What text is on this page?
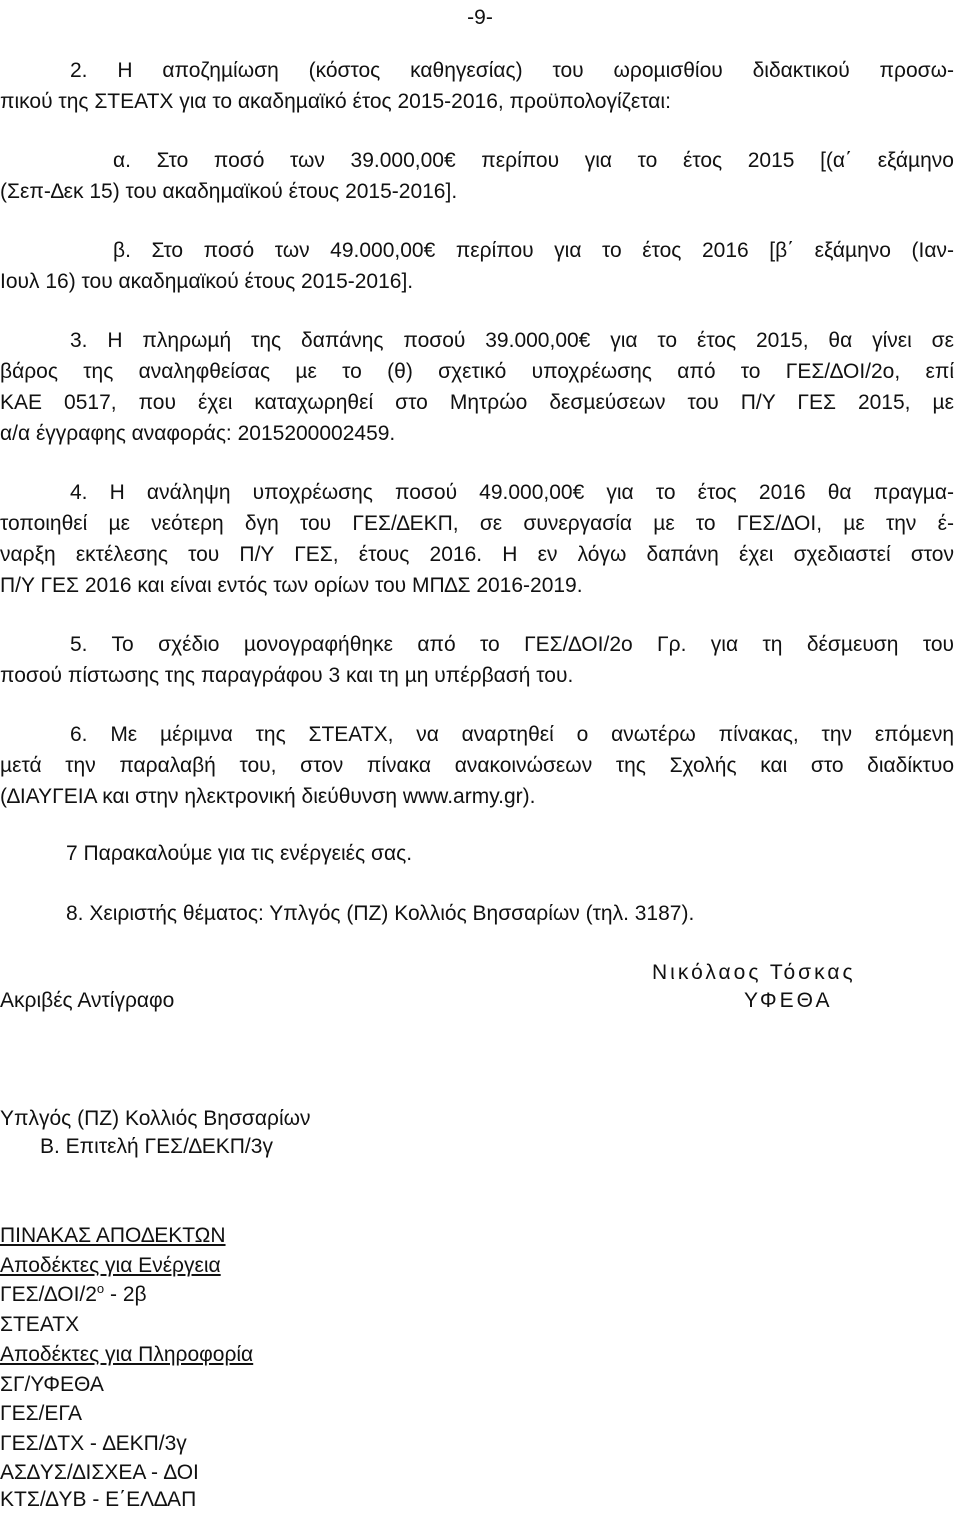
-9-
2. Η αποζηµίωση (κόστος καθηγεσίας) του ωροµισθίου διδακτικού προσω-
πικού της ΣΤΕΑΤΧ για το ακαδηµαϊκό έτος 2015-2016, προϋπολογίζεται:
α. Στο ποσό των 39.000,00€ περίπου για το έτος 2015 [(α΄ εξάµηνο
(Σεπ-∆εκ 15) του ακαδηµαϊκού έτους 2015-2016].
β. Στο ποσό των 49.000,00€ περίπου για το έτος 2016 [β΄ εξάµηνο (Ιαν-
Ιουλ 16) του ακαδηµαϊκού έτους 2015-2016].
3. Η πληρωµή της δαπάνης ποσού 39.000,00€ για το έτος 2015, θα γίνει σε
βάρος της αναληφθείσας µε το (θ) σχετικό υποχρέωσης από το ΓΕΣ/∆ΟΙ/2ο, επί
ΚΑΕ 0517, που έχει καταχωρηθεί στο Μητρώο δεσµεύσεων του Π/Υ ΓΕΣ 2015, µε
α/α έγγραφης αναφοράς: 2015200002459.
4. Η ανάληψη υποχρέωσης ποσού 49.000,00€ για το έτος 2016 θα πραγµα-
τοποιηθεί µε νεότερη δγη του ΓΕΣ/∆ΕΚΠ, σε συνεργασία µε το ΓΕΣ/∆ΟΙ, µε την έ-
ναρξη εκτέλεσης του Π/Υ ΓΕΣ, έτους 2016. Η εν λόγω δαπάνη έχει σχεδιαστεί στον
Π/Υ ΓΕΣ 2016 και είναι εντός των ορίων του ΜΠ∆Σ 2016-2019.
5. Το σχέδιο µονογραφήθηκε από το ΓΕΣ/∆ΟΙ/2ο Γρ. για τη δέσµευση του
ποσού πίστωσης της παραγράφου 3 και τη µη υπέρβασή του.
6. Με µέριµνα της ΣΤΕΑΤΧ, να αναρτηθεί ο ανωτέρω πίνακας, την επόµενη
µετά την παραλαβή του, στον πίνακα ανακοινώσεων της Σχολής και στο διαδίκτυο
(∆ΙΑΥΓΕΙΑ και στην ηλεκτρονική διεύθυνση www.army.gr).
7 Παρακαλούµε για τις ενέργειές σας.
8. Χειριστής θέµατος: Υπλγός (ΠΖ) Κολλιός Βησσαρίων (τηλ. 3187).
Νικόλαος Τόσκας
ΥΦΕΘΑ
Ακριβές Αντίγραφο
Υπλγός (ΠΖ) Κολλιός Βησσαρίων
Β. Επιτελή ΓΕΣ/∆ΕΚΠ/3γ
ΠΙΝΑΚΑΣ ΑΠΟ∆ΕΚΤΩΝ
Αποδέκτες για Ενέργεια
ΓΕΣ/$\Delta OI/2^o - 2\beta$
ΣΤΕΑΤΧ
Αποδέκτες για Πληροφορία
ΣΓ/ΥΦΕΘΑ
ΓΕΣ/ΕΓΑ
ΓΕΣ/∆ΤΧ - ∆ΕΚΠ/3γ
ΑΣ∆ΥΣ/∆ΙΣΧΕΑ - ∆ΟΙ
ΚΤΣ/∆ΥΒ - Ε΄ΕΛ∆ΑΠ
